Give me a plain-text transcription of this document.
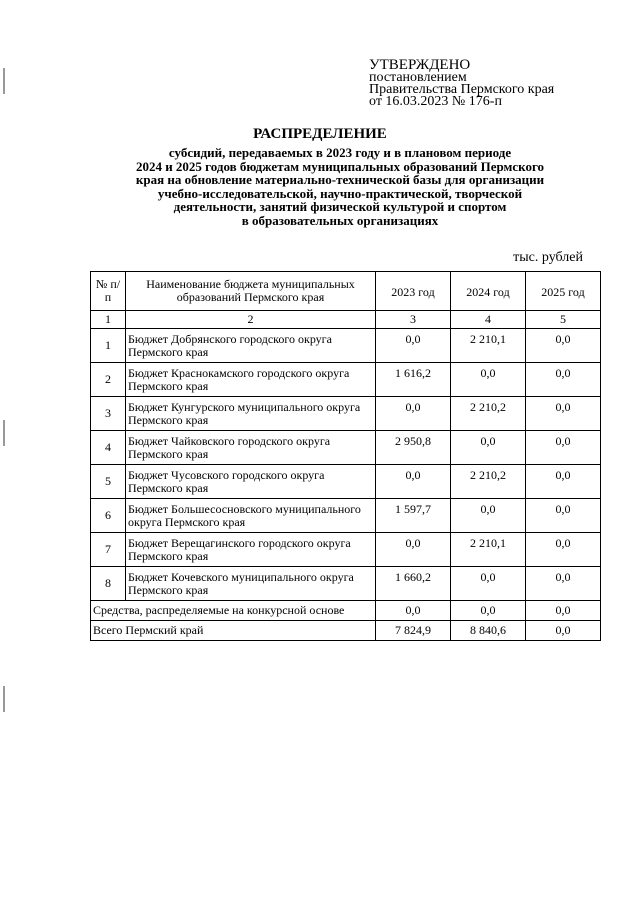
УТВЕРЖДЕНО
постановлением
Правительства Пермского края
от 16.03.2023 № 176-п
РАСПРЕДЕЛЕНИЕ
субсидий, передаваемых в 2023 году и в плановом периоде
2024 и 2025 годов бюджетам муниципальных образований Пермского
края на обновление материально-технической базы для организации
учебно-исследовательской, научно-практической, творческой
деятельности, занятий физической культурой и спортом
в образовательных организациях
тыс. рублей
№ п/п	Наименование бюджета муниципальных образований Пермского края	2023 год	2024 год	2025 год
1	2	3	4	5
1	Бюджет Добрянского городского округа Пермского края	0,0	2 210,1	0,0
2	Бюджет Краснокамского городского округа Пермского края	1 616,2	0,0	0,0
3	Бюджет Кунгурского муниципального округа Пермского края	0,0	2 210,2	0,0
4	Бюджет Чайковского городского округа Пермского края	2 950,8	0,0	0,0
5	Бюджет Чусовского городского округа Пермского края	0,0	2 210,2	0,0
6	Бюджет Большесосновского муниципального округа Пермского края	1 597,7	0,0	0,0
7	Бюджет Верещагинского городского округа Пермского края	0,0	2 210,1	0,0
8	Бюджет Кочевского муниципального округа Пермского края	1 660,2	0,0	0,0
Средства, распределяемые на конкурсной основе		0,0	0,0	0,0
Всего Пермский край		7 824,9	8 840,6	0,0
